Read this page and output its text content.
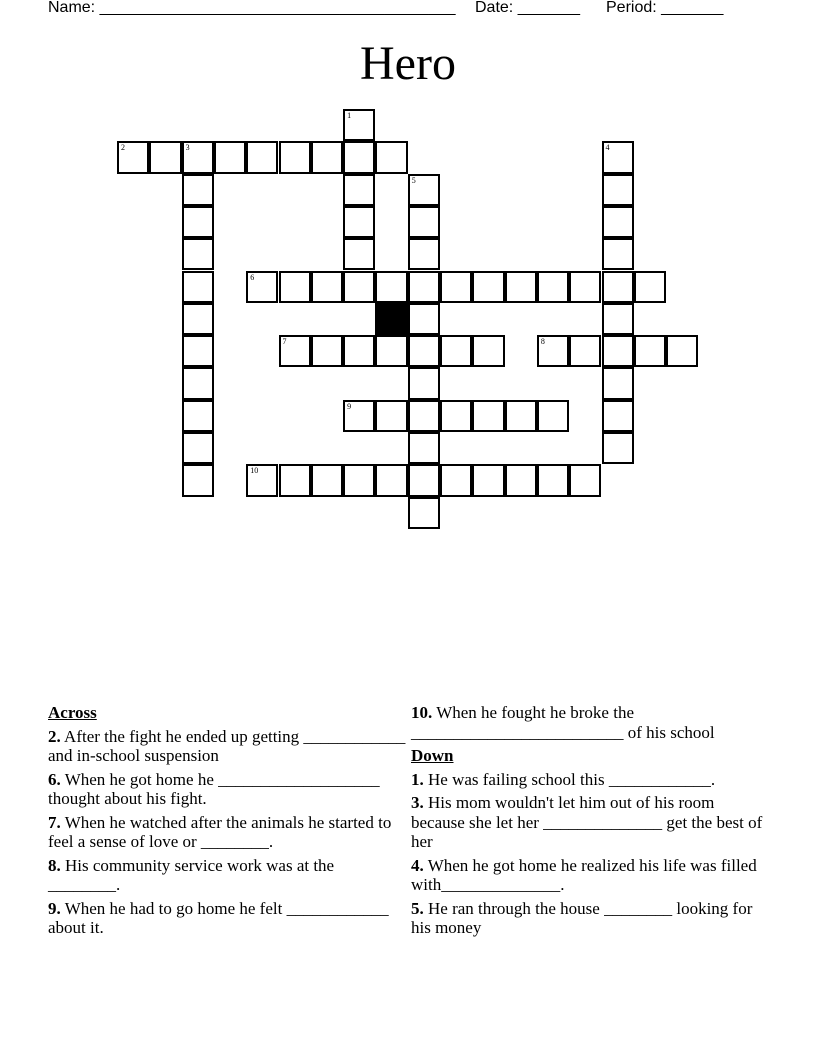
Name: ________________________________________ Date: _______ Period: _______
Hero
1
2	3	4
5
6
7	8
9
10
Across
2. After the fight he ended up getting ____________ and in-school suspension
6. When he got home he ___________________ thought about his fight.
7. When he watched after the animals he started to feel a sense of love or ________.
8. His community service work was at the ________.
9. When he had to go home he felt ____________ about it.
10. When he fought he broke the _________________________ of his school
Down
1. He was failing school this ____________.
3. His mom wouldn't let him out of his room because she let her ______________ get the best of her
4. When he got home he realized his life was filled with______________.
5. He ran through the house ________ looking for his money
